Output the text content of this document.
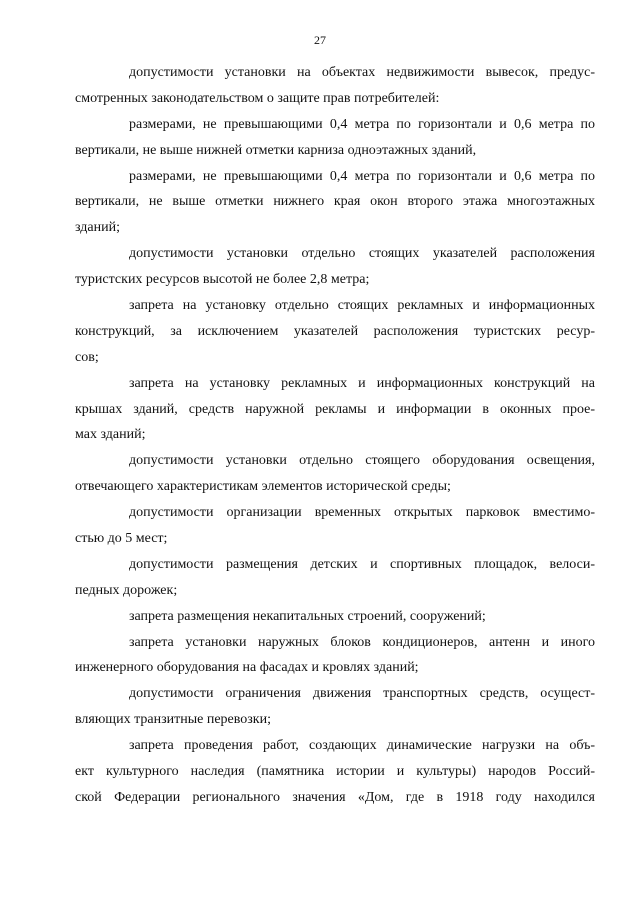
27
допустимости установки на объектах недвижимости вывесок, предус-
смотренных законодательством о защите прав потребителей:
размерами, не превышающими 0,4 метра по горизонтали и 0,6 метра по
вертикали, не выше нижней отметки карниза одноэтажных зданий,
размерами, не превышающими 0,4 метра по горизонтали и 0,6 метра по
вертикали, не выше отметки нижнего края окон второго этажа многоэтажных
зданий;
допустимости установки отдельно стоящих указателей расположения
туристских ресурсов высотой не более 2,8 метра;
запрета на установку отдельно стоящих рекламных и информационных
конструкций, за исключением указателей расположения туристских ресур-
сов;
запрета на установку рекламных и информационных конструкций на
крышах зданий, средств наружной рекламы и информации в оконных прое-
мах зданий;
допустимости установки отдельно стоящего оборудования освещения,
отвечающего характеристикам элементов исторической среды;
допустимости организации временных открытых парковок вместимо-
стью до 5 мест;
допустимости размещения детских и спортивных площадок, велоси-
педных дорожек;
запрета размещения некапитальных строений, сооружений;
запрета установки наружных блоков кондиционеров, антенн и иного
инженерного оборудования на фасадах и кровлях зданий;
допустимости ограничения движения транспортных средств, осущест-
вляющих транзитные перевозки;
запрета проведения работ, создающих динамические нагрузки на объ-
ект культурного наследия (памятника истории и культуры) народов Россий-
ской Федерации регионального значения «Дом, где в 1918 году находился
